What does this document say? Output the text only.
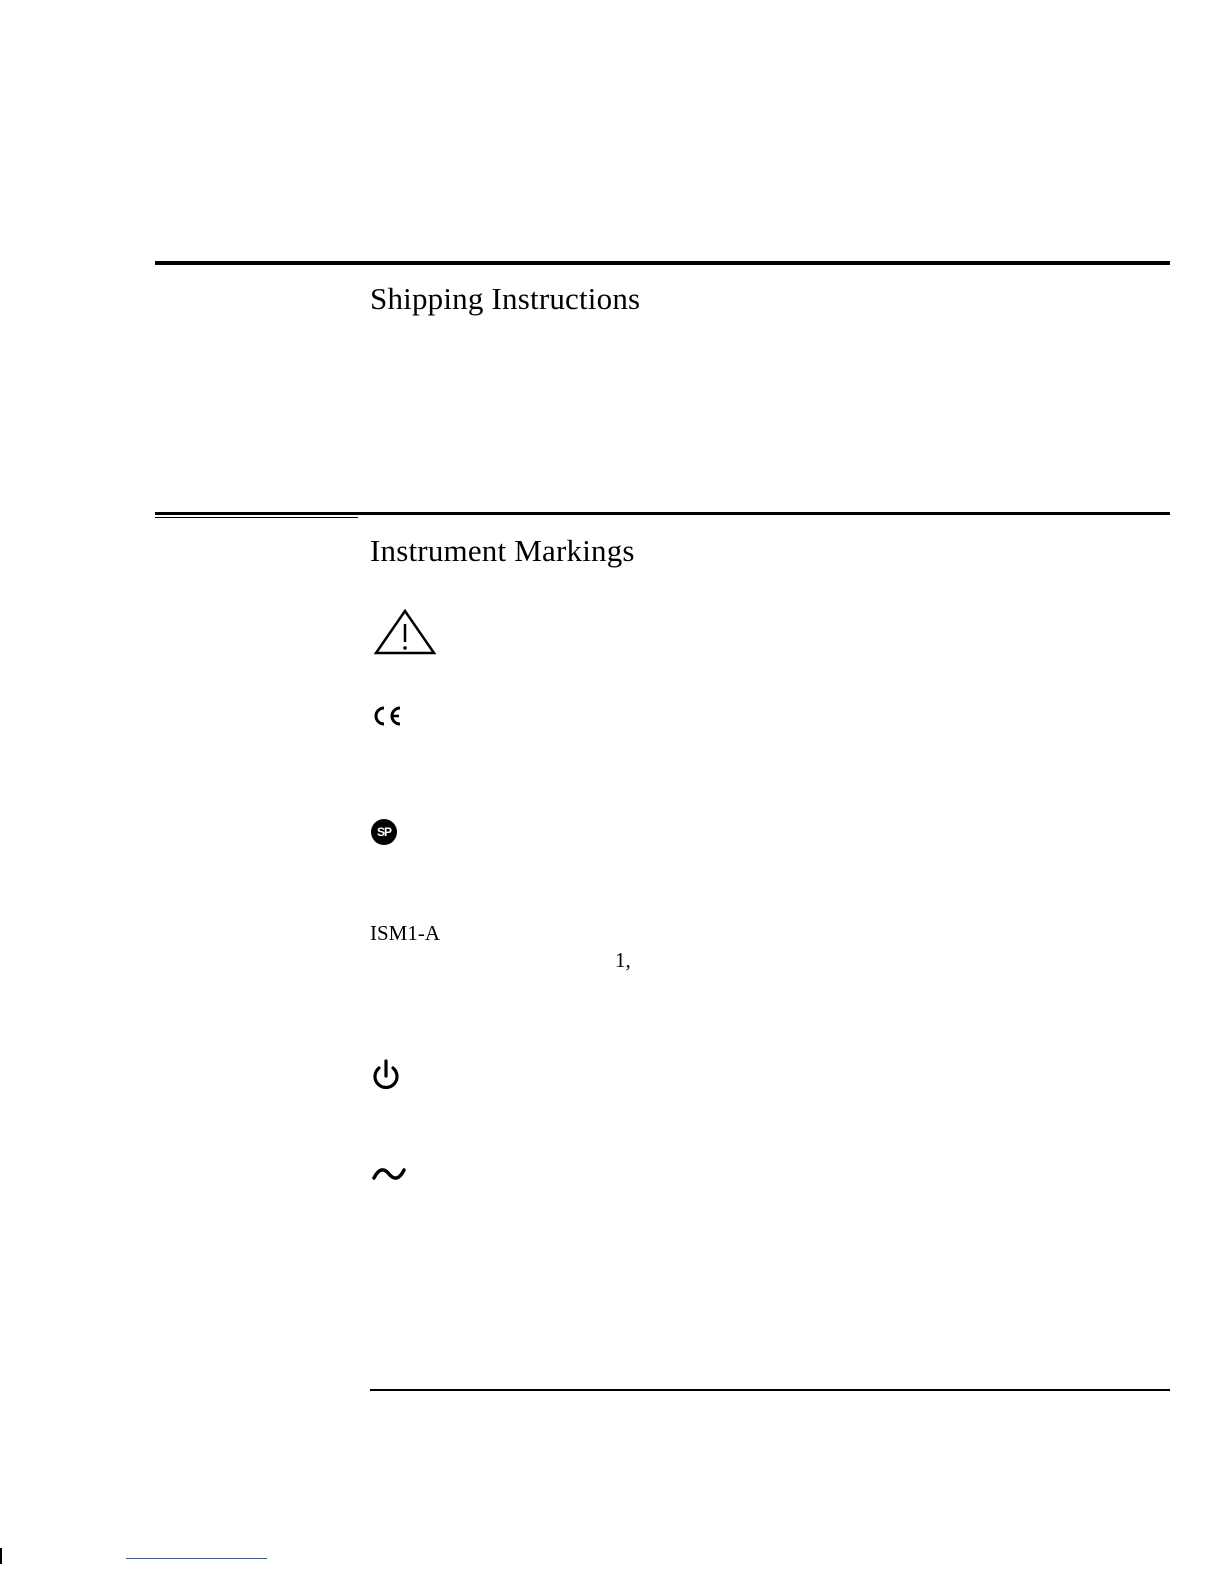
Shipping Instructions
Instrument Markings
SP
ISM1-A
1,
